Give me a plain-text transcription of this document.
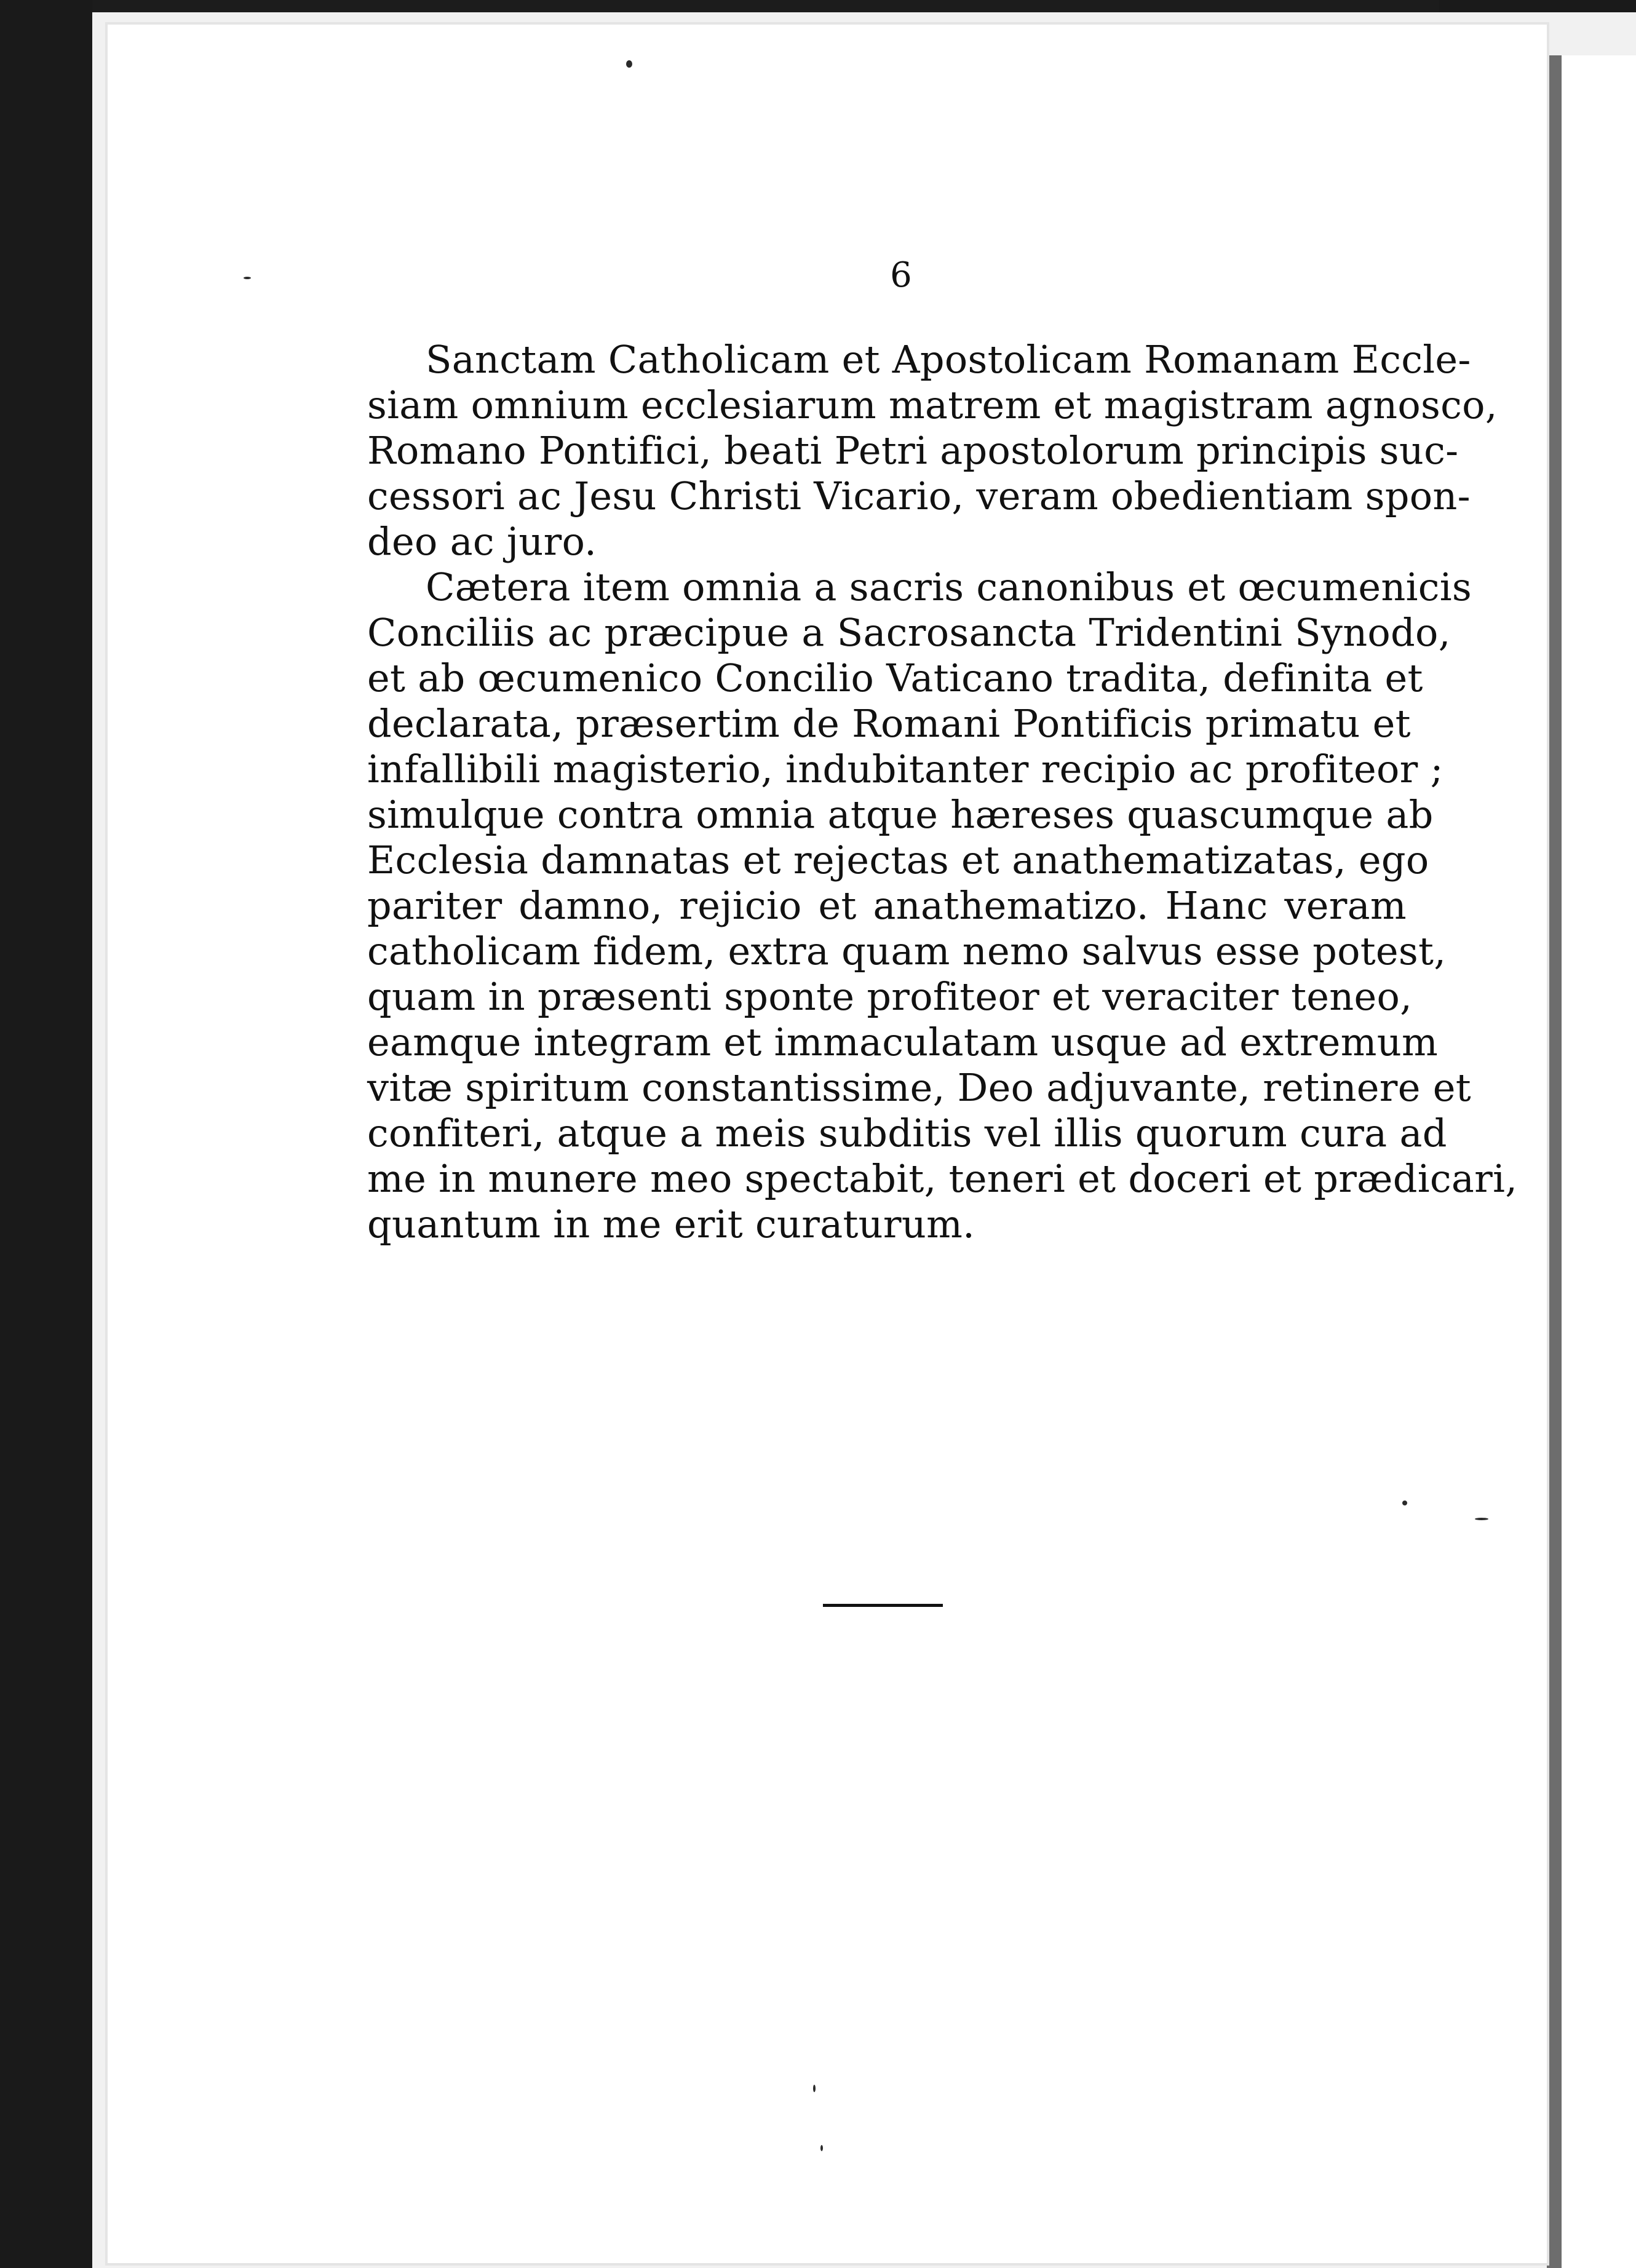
6
Sanctam Catholicam et Apostolicam Romanam Eccle-
siam omnium ecclesiarum matrem et magistram agnosco,
Romano Pontifici, beati Petri apostolorum principis suc-
cessori ac Jesu Christi Vicario, veram obedientiam spon-
deo ac juro.
Cætera item omnia a sacris canonibus et œcumenicis
Conciliis ac præcipue a Sacrosancta Tridentini Synodo,
et ab œcumenico Concilio Vaticano tradita, definita et
declarata, præsertim de Romani Pontificis primatu et
infallibili magisterio, indubitanter recipio ac profiteor ;
simulque contra omnia atque hæreses quascumque ab
Ecclesia damnatas et rejectas et anathematizatas, ego
pariter damno, rejicio et anathematizo. Hanc veram
catholicam fidem, extra quam nemo salvus esse potest,
quam in præsenti sponte profiteor et veraciter teneo,
eamque integram et immaculatam usque ad extremum
vitæ spiritum constantissime, Deo adjuvante, retinere et
confiteri, atque a meis subditis vel illis quorum cura ad
me in munere meo spectabit, teneri et doceri et prædicari,
quantum in me erit curaturum.
